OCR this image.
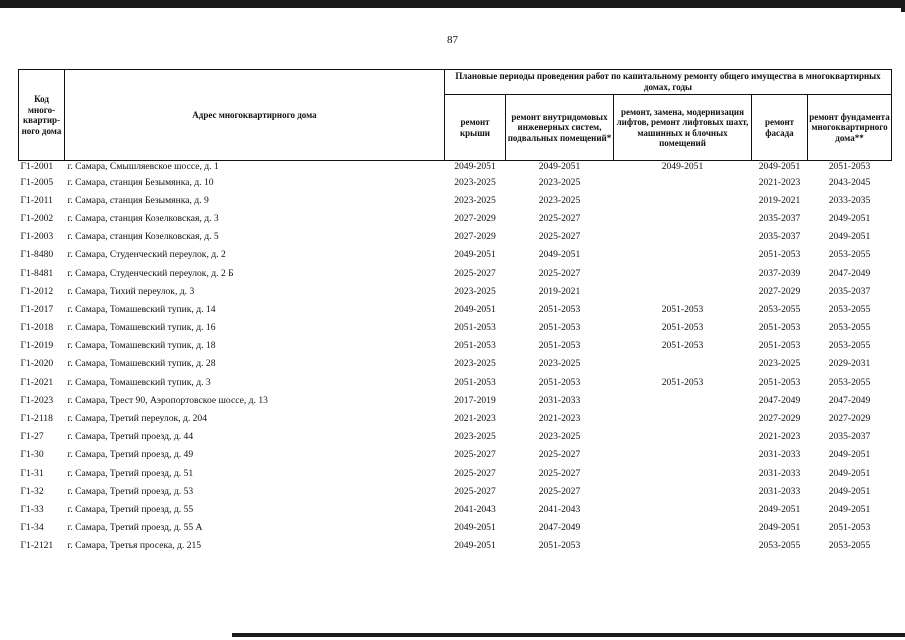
87
Код много-квартир-ного дома	Адрес многоквартирного дома	Плановые периоды проведения работ по капитальному ремонту общего имущества в многоквартирных домах, годы				
		ремонт крыши	ремонт внутридомовых инженерных систем, подвальных помещений*	ремонт, замена, модернизация лифтов, ремонт лифтовых шахт, машинных и блочных помещений	ремонт фасада	ремонт фундамента многоквартирного дома**
Г1-2001	г. Самара, Смышляевское шоссе, д. 1	2049-2051	2049-2051	2049-2051	2049-2051	2051-2053
Г1-2005	г. Самара, станция Безымянка, д. 10	2023-2025	2023-2025		2021-2023	2043-2045
Г1-2011	г. Самара, станция Безымянка, д. 9	2023-2025	2023-2025		2019-2021	2033-2035
Г1-2002	г. Самара, станция Козелковская, д. 3	2027-2029	2025-2027		2035-2037	2049-2051
Г1-2003	г. Самара, станция Козелковская, д. 5	2027-2029	2025-2027		2035-2037	2049-2051
Г1-8480	г. Самара, Студенческий переулок, д. 2	2049-2051	2049-2051		2051-2053	2053-2055
Г1-8481	г. Самара, Студенческий переулок, д. 2 Б	2025-2027	2025-2027		2037-2039	2047-2049
Г1-2012	г. Самара, Тихий переулок, д. 3	2023-2025	2019-2021		2027-2029	2035-2037
Г1-2017	г. Самара, Томашевский тупик, д. 14	2049-2051	2051-2053	2051-2053	2053-2055	2053-2055
Г1-2018	г. Самара, Томашевский тупик, д. 16	2051-2053	2051-2053	2051-2053	2051-2053	2053-2055
Г1-2019	г. Самара, Томашевский тупик, д. 18	2051-2053	2051-2053	2051-2053	2051-2053	2053-2055
Г1-2020	г. Самара, Томашевский тупик, д. 28	2023-2025	2023-2025		2023-2025	2029-2031
Г1-2021	г. Самара, Томашевский тупик, д. 3	2051-2053	2051-2053	2051-2053	2051-2053	2053-2055
Г1-2023	г. Самара, Трест 90, Аэропортовское шоссе, д. 13	2017-2019	2031-2033		2047-2049	2047-2049
Г1-2118	г. Самара, Третий переулок, д. 204	2021-2023	2021-2023		2027-2029	2027-2029
Г1-27	г. Самара, Третий проезд, д. 44	2023-2025	2023-2025		2021-2023	2035-2037
Г1-30	г. Самара, Третий проезд, д. 49	2025-2027	2025-2027		2031-2033	2049-2051
Г1-31	г. Самара, Третий проезд, д. 51	2025-2027	2025-2027		2031-2033	2049-2051
Г1-32	г. Самара, Третий проезд, д. 53	2025-2027	2025-2027		2031-2033	2049-2051
Г1-33	г. Самара, Третий проезд, д. 55	2041-2043	2041-2043		2049-2051	2049-2051
Г1-34	г. Самара, Третий проезд, д. 55 А	2049-2051	2047-2049		2049-2051	2051-2053
Г1-2121	г. Самара, Третья просека, д. 215	2049-2051	2051-2053		2053-2055	2053-2055
